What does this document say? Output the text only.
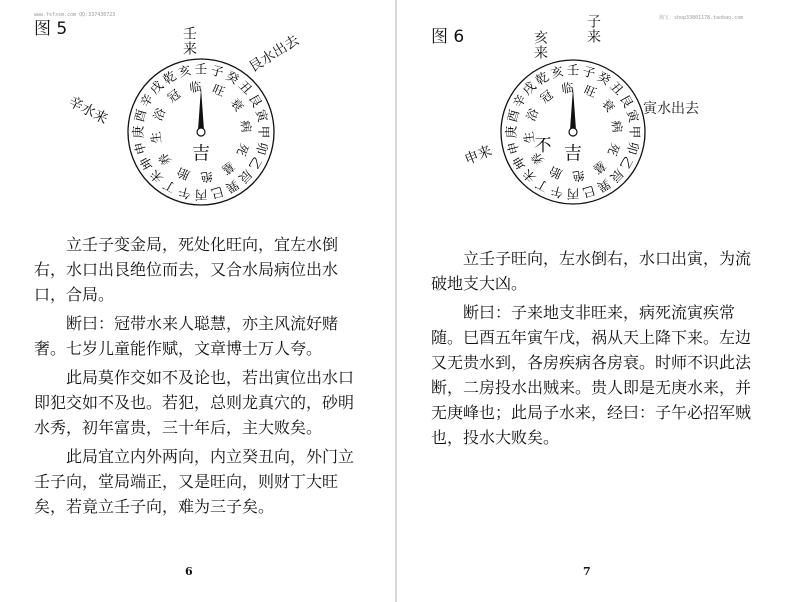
www.fsfxsm.com QQ:337436723
图 5	壬来	艮水出去
辛水来
亥 壬 子
癸
丑
艮
寅
甲
卯
乙
辰
巽
巳
丙
午
丁
未
坤
申
庚
酉
辛
戌
乾
临 旺
衰
病
死
墓
绝
胎
养
生
浴
冠
吉

立壬子变金局，死处化旺向，宜左水倒右，水口出艮绝位而去，又合水局病位出水口，合局。

断曰：冠带水来人聪慧，亦主风流好赌奢。七岁儿童能作赋，文章博士万人夸。

此局莫作交如不及论也，若出寅位出水口即犯交如不及也。若犯，总则龙真穴的，砂明水秀，初年富贵，三十年后，主大败矣。

此局宜立内外两向，内立癸丑向，外门立壬子向，堂局端正，又是旺向，则财丁大旺矣，若竟立壬子向，难为三子矣。

6
淘宝：shop33801178.taobao.com
图 6	亥来
子来
寅水出去
申来
亥 壬 子
癸
丑
艮
寅
甲
卯
乙
辰
巽
巳
丙
午
丁
未
坤
申
庚
酉
辛
戌
乾
临 旺
衰
病
死
墓
绝
胎
养
生
浴
冠
吉
不

立壬子旺向，左水倒右，水口出寅，为流破地支大凶。

断曰：子来地支非旺来，病死流寅疾常随。巳酉五年寅午戊，祸从天上降下来。左边又无贵水到，各房疾病各房衰。时师不识此法断，二房投水出贼来。贵人即是无庚水来，并无庚峰也；此局子水来，经曰：子午必招军贼也，投水大败矣。

7
